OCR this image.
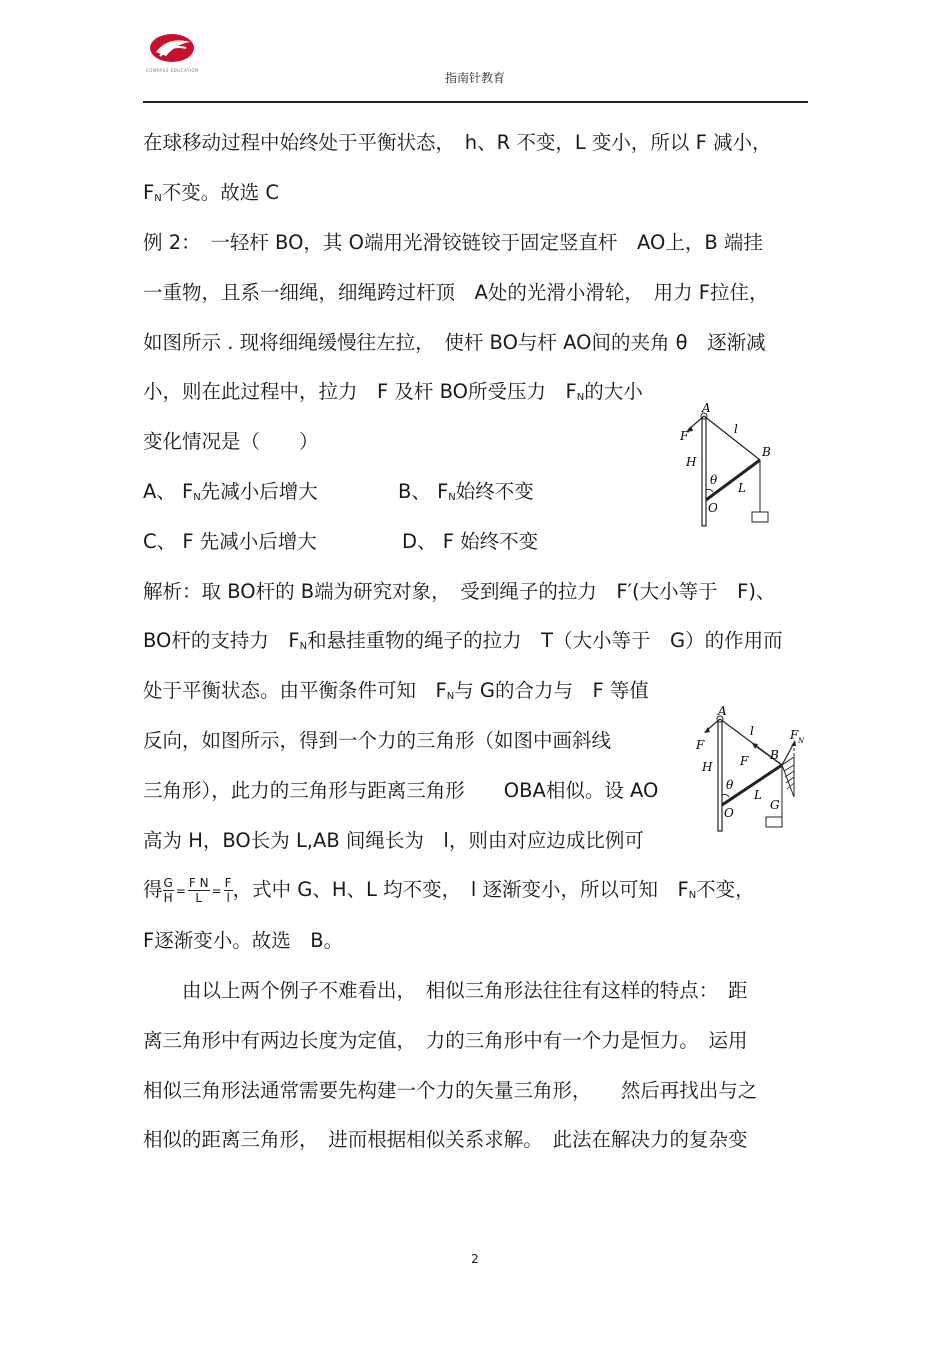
COMPASS EDUCATION
指南针教育
在球移动过程中始终处于平衡状态，　h、R 不变，L 变小，所以 F 减小，
$F_N$不变。故选 C
例 2：　一轻杆 BO，其 O端用光滑铰链铰于固定竖直杆　AO上，B 端挂
一重物，且系一细绳，细绳跨过杆顶　A处的光滑小滑轮，　用力 F拉住，
如图所示 . 现将细绳缓慢往左拉，　使杆 BO与杆 AO间的夹角 θ　逐渐减
小，则在此过程中，拉力　F 及杆 BO所受压力　$F_N$的大小
变化情况是（　　）
A、 $F_N$先减小后增大	B、 $F_N$始终不变
C、 F 先减小后增大	D、 F 始终不变
解析：取 BO杆的 B端为研究对象，　受到绳子的拉力　F′(大小等于　F)、
BO杆的支持力　$F_N$和悬挂重物的绳子的拉力　T（大小等于　G）的作用而
处于平衡状态。由平衡条件可知　$F_N$与 G的合力与　F 等值
反向，如图所示，得到一个力的三角形（如图中画斜线
三角形），此力的三角形与距离三角形　　OBA相似。设 AO
高为 H，BO长为 L,AB 间绳长为　l，则由对应边成比例可
得 $\frac{G}{H} = \frac{\text{F N}}{L} = \frac{F}{l}$ ，式中 G、H、L 均不变，　l 逐渐变小，所以可知　$F_N$不变，
F逐渐变小。故选　B。
　　由以上两个例子不难看出，　相似三角形法往往有这样的特点：　距
离三角形中有两边长度为定值，　力的三角形中有一个力是恒力。　运用
相似三角形法通常需要先构建一个力的矢量三角形，　　然后再找出与之
相似的距离三角形，　进而根据相似关系求解。　此法在解决力的复杂变
A
F	l
H
B
θ
L
O
A
F
l
H F B
F N
θ
L
G
O
2
